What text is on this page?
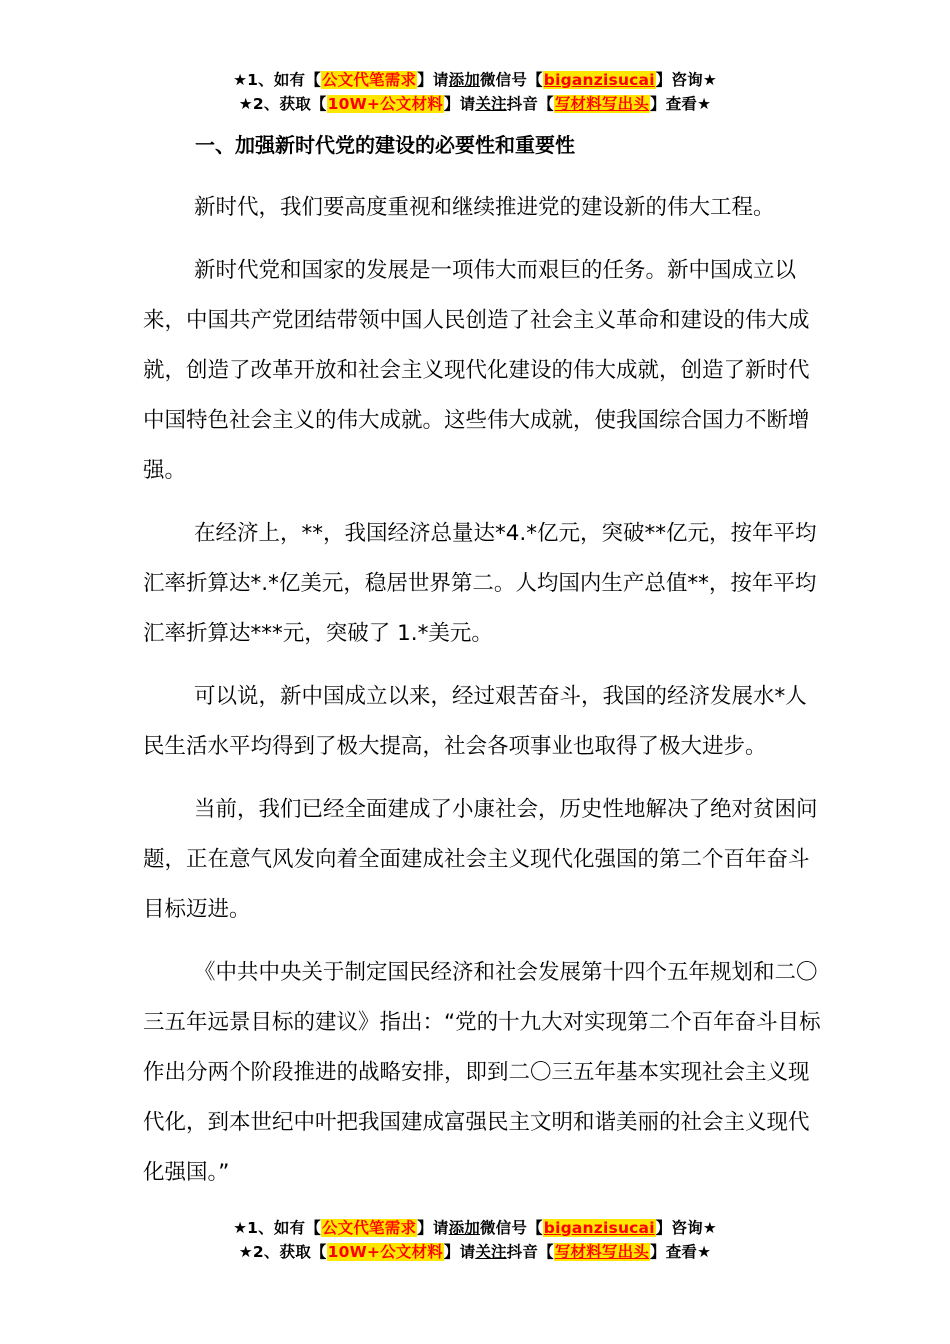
★1、如有【公文代笔需求】请添加微信号【biganzisucai】咨询★
★2、获取【10W+公文材料】请关注抖音【写材料写出头】查看★
一、加强新时代党的建设的必要性和重要性

新时代，我们要高度重视和继续推进党的建设新的伟大工程。

新时代党和国家的发展是一项伟大而艰巨的任务。新中国成立以来，中国共产党团结带领中国人民创造了社会主义革命和建设的伟大成就，创造了改革开放和社会主义现代化建设的伟大成就，创造了新时代中国特色社会主义的伟大成就。这些伟大成就，使我国综合国力不断增强。

在经济上，**，我国经济总量达*4.*亿元，突破**亿元，按年平均汇率折算达*.*亿美元，稳居世界第二。人均国内生产总值**，按年平均汇率折算达***元，突破了 1.*美元。

可以说，新中国成立以来，经过艰苦奋斗，我国的经济发展水*人民生活水平均得到了极大提高，社会各项事业也取得了极大进步。

当前，我们已经全面建成了小康社会，历史性地解决了绝对贫困问题，正在意气风发向着全面建成社会主义现代化强国的第二个百年奋斗目标迈进。

《中共中央关于制定国民经济和社会发展第十四个五年规划和二〇三五年远景目标的建议》指出：“党的十九大对实现第二个百年奋斗目标作出分两个阶段推进的战略安排，即到二〇三五年基本实现社会主义现代化，到本世纪中叶把我国建成富强民主文明和谐美丽的社会主义现代化强国。”

★1、如有【公文代笔需求】请添加微信号【biganzisucai】咨询★
★2、获取【10W+公文材料】请关注抖音【写材料写出头】查看★
